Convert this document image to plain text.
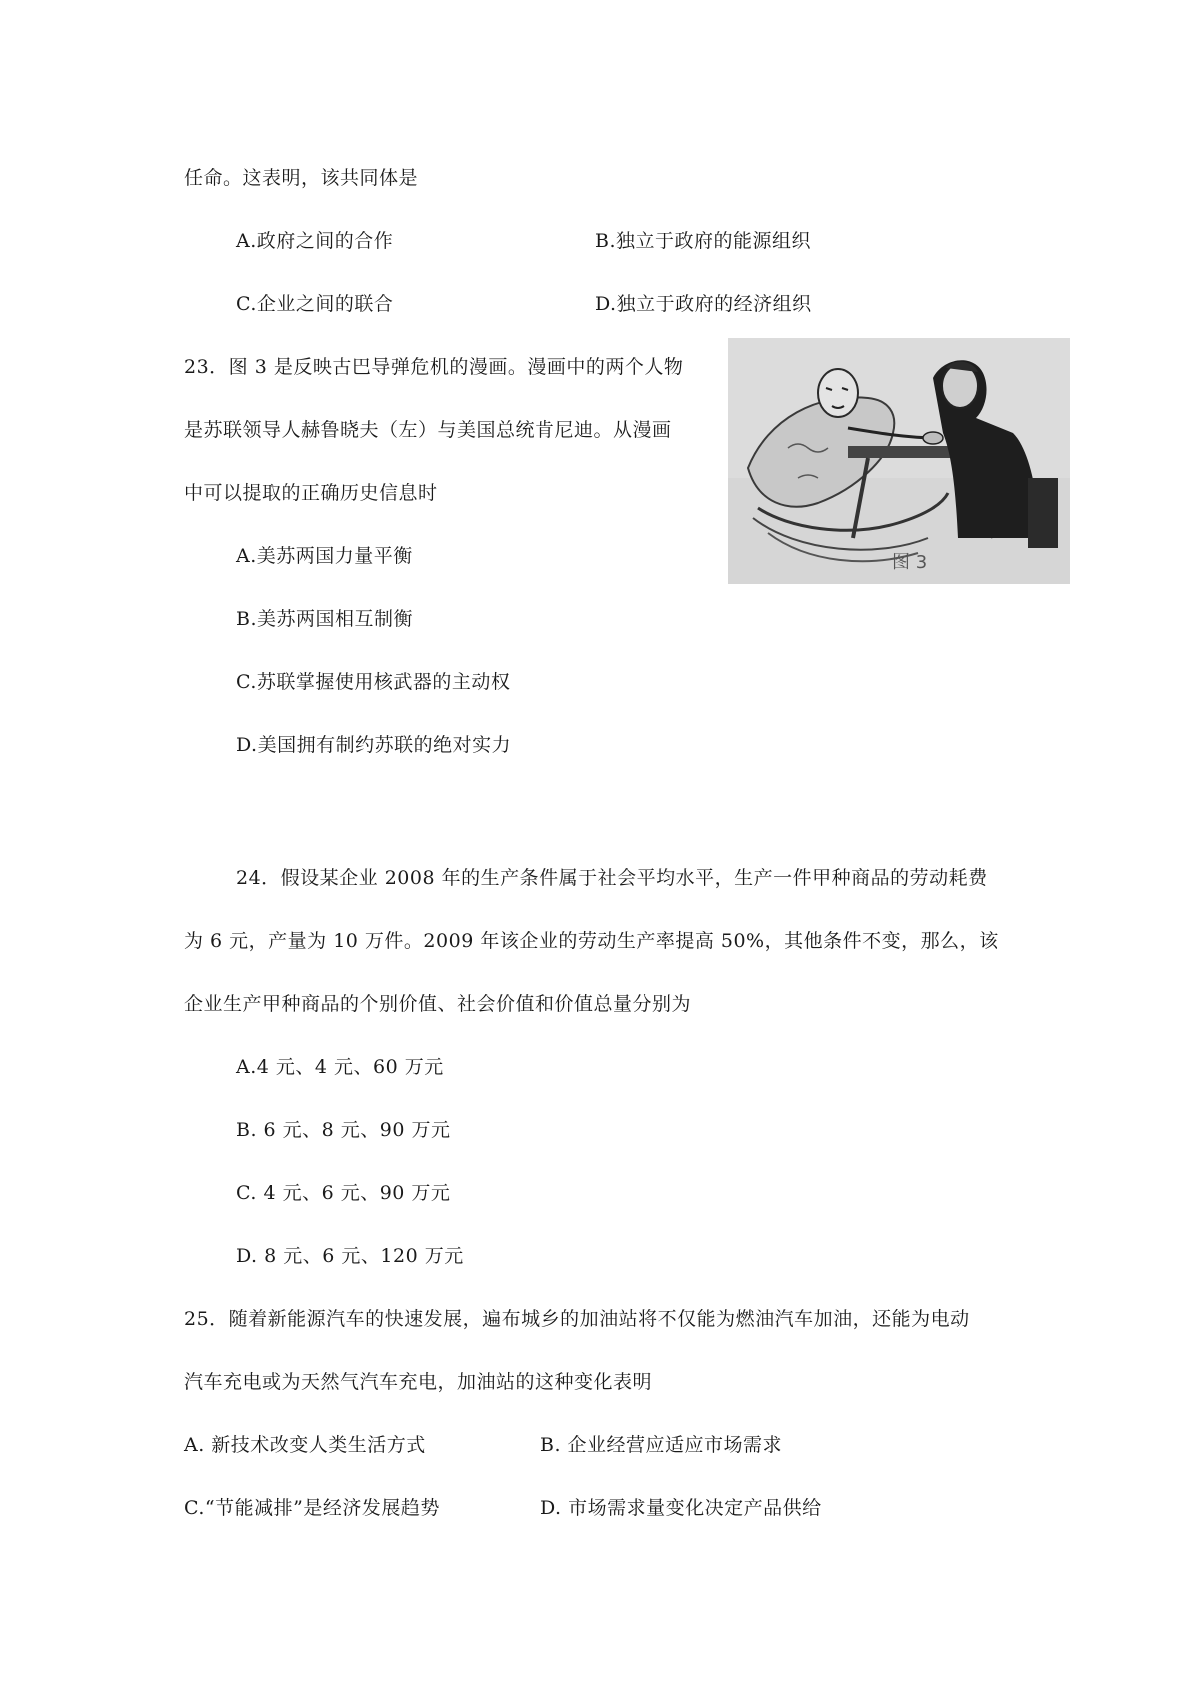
任命。这表明，该共同体是
A.政府之间的合作	B.独立于政府的能源组织
C.企业之间的联合	D.独立于政府的经济组织
23．图 3 是反映古巴导弹危机的漫画。漫画中的两个人物
是苏联领导人赫鲁晓夫（左）与美国总统肯尼迪。从漫画
中可以提取的正确历史信息时
A.美苏两国力量平衡
B.美苏两国相互制衡
C.苏联掌握使用核武器的主动权
D.美国拥有制约苏联的绝对实力
图 3
24．假设某企业 2008 年的生产条件属于社会平均水平，生产一件甲种商品的劳动耗费
为 6 元，产量为 10 万件。2009 年该企业的劳动生产率提高 50%，其他条件不变，那么，该
企业生产甲种商品的个别价值、社会价值和价值总量分别为
A.4 元、4 元、60 万元
B. 6 元、8 元、90 万元
C. 4 元、6 元、90 万元
D. 8 元、6 元、120 万元
25．随着新能源汽车的快速发展，遍布城乡的加油站将不仅能为燃油汽车加油，还能为电动
汽车充电或为天然气汽车充电，加油站的这种变化表明
A. 新技术改变人类生活方式	B. 企业经营应适应市场需求
C.“节能减排”是经济发展趋势	D. 市场需求量变化决定产品供给
